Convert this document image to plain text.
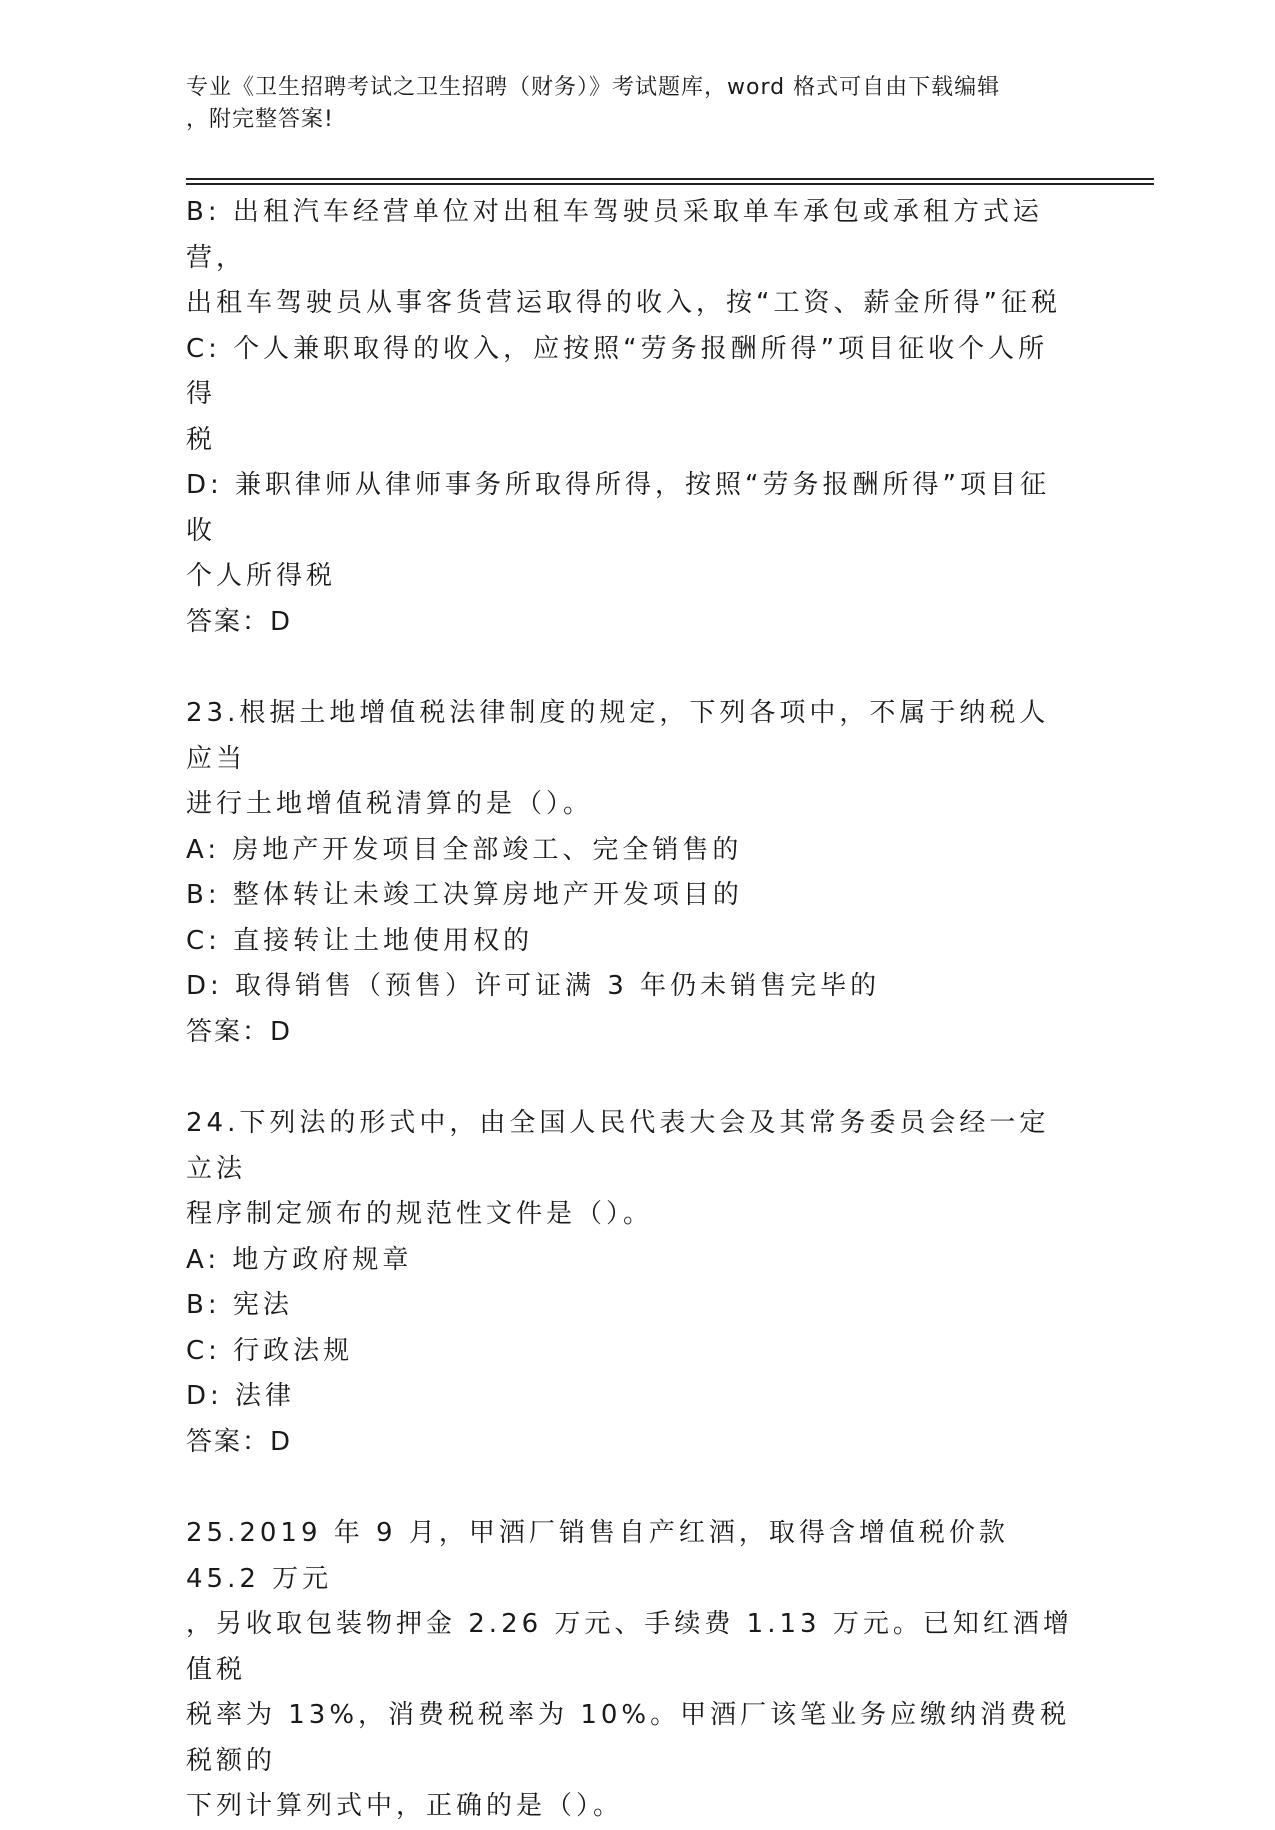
专业《卫生招聘考试之卫生招聘（财务）》考试题库，word 格式可自由下载编辑
，附完整答案!

B: 出租汽车经营单位对出租车驾驶员采取单车承包或承租方式运营，

出租车驾驶员从事客货营运取得的收入，按“工资、薪金所得”征税

C: 个人兼职取得的收入，应按照“劳务报酬所得”项目征收个人所得

税

D: 兼职律师从律师事务所取得所得，按照“劳务报酬所得”项目征收

个人所得税

答案：D

23.根据土地增值税法律制度的规定，下列各项中，不属于纳税人应当

进行土地增值税清算的是（）。

A: 房地产开发项目全部竣工、完全销售的

B: 整体转让未竣工决算房地产开发项目的

C: 直接转让土地使用权的

D: 取得销售（预售）许可证满 3 年仍未销售完毕的

答案：D

24.下列法的形式中，由全国人民代表大会及其常务委员会经一定立法

程序制定颁布的规范性文件是（）。

A: 地方政府规章

B: 宪法

C: 行政法规

D: 法律

答案：D

25.2019 年 9 月，甲酒厂销售自产红酒，取得含增值税价款 45.2 万元

，另收取包装物押金 2.26 万元、手续费 1.13 万元。已知红酒增值税

税率为 13%，消费税税率为 10%。甲酒厂该笔业务应缴纳消费税税额的

下列计算列式中，正确的是（）。
